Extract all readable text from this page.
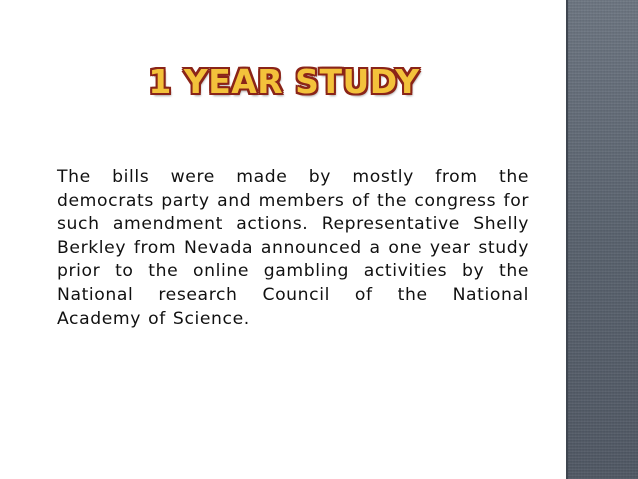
1 YEAR STUDY

The bills were made by mostly from the democrats party and members of the congress for such amendment actions. Representative Shelly Berkley from Nevada announced a one year study prior to the online gambling activities by the National research Council of the National Academy of Science.
